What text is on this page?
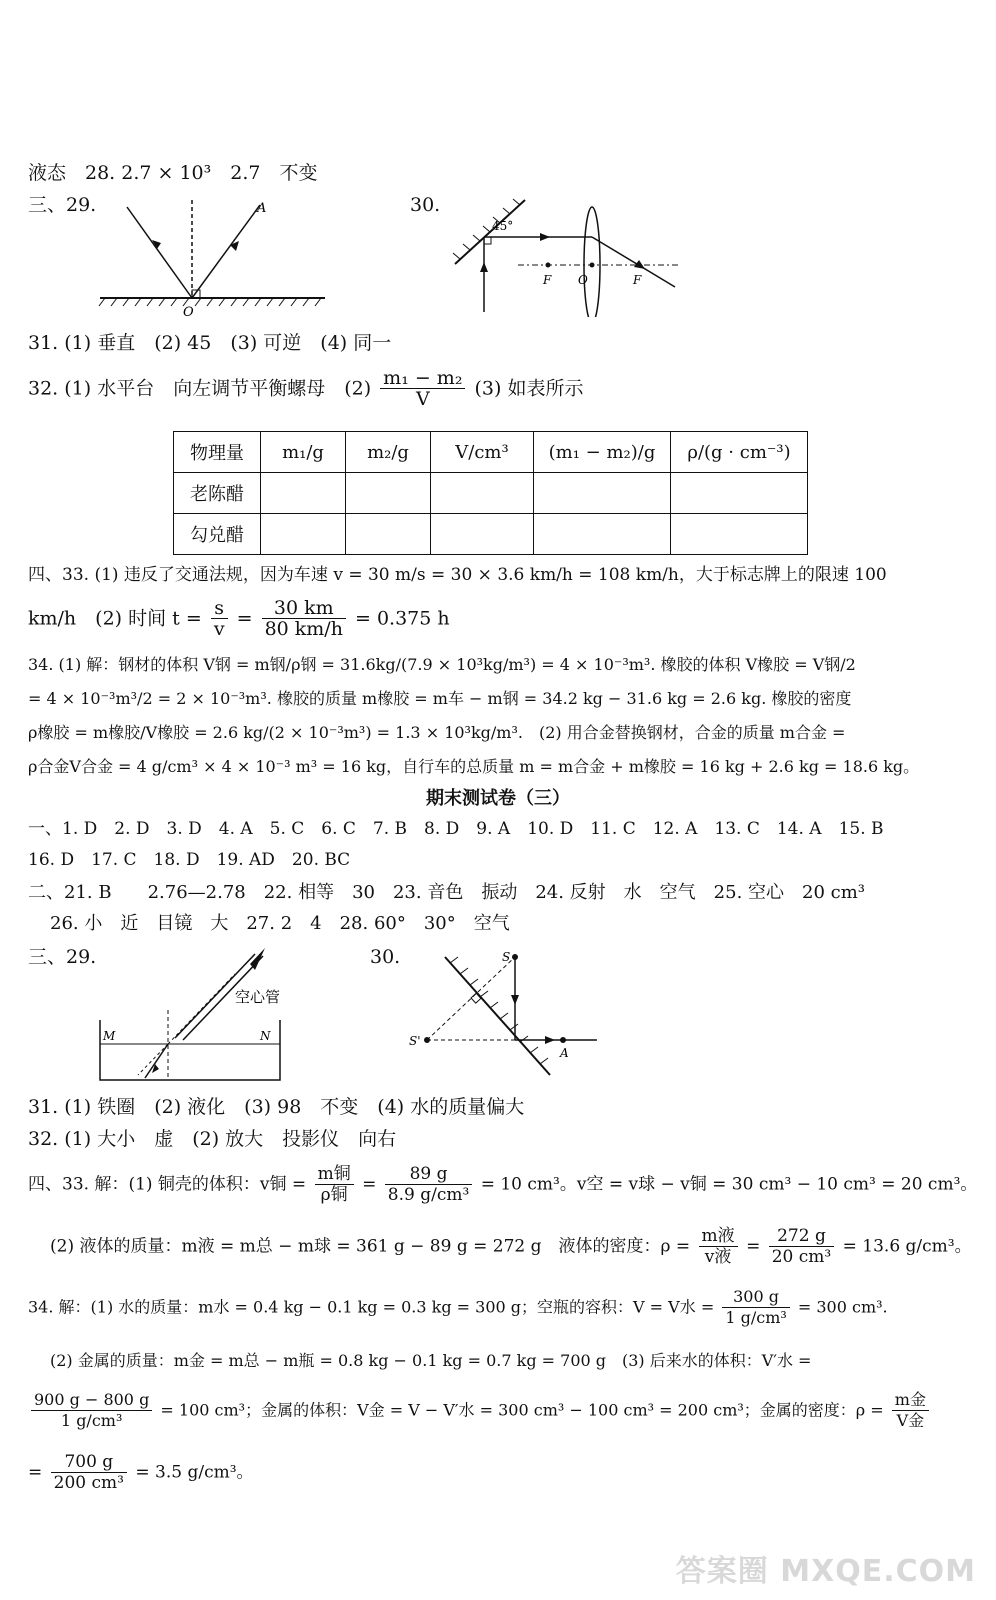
液态　28. 2.7 × 10³　2.7　不变
三、29.	30.
A
O
45°
F O	F
31. (1) 垂直　(2) 45　(3) 可逆　(4) 同一
32. (1) 水平台　向左调节平衡螺母　$(2) \frac{\text{m₁ − m₂}}{V} (3)$ 如表所示
物理量	m₁/g	m₂/g	V/cm³	(m₁ − m₂)/g	ρ/(g · cm⁻³)
老陈醋					
勾兑醋					
四、33. (1) 违反了交通法规，因为车速 v = 30 m/s = 30 × 3.6 km/h = 108 km/h，大于标志牌上的限速 100
km/h　(2) 时间 $t = \frac{s}{v} = \frac{30 km}{80 km/h} = 0.375$ h
34. (1) 解：钢材的体积 V钢 = m钢/ρ钢 = 31.6kg/(7.9 × 10³kg/m³) = 4 × 10⁻³m³. 橡胶的体积 V橡胶 = V钢/2
= 4 × 10⁻³m³/2 = 2 × 10⁻³m³. 橡胶的质量 m橡胶 = m车 − m钢 = 34.2 kg − 31.6 kg = 2.6 kg. 橡胶的密度
ρ橡胶 = m橡胶/V橡胶 = 2.6 kg/(2 × 10⁻³m³) = 1.3 × 10³kg/m³.　(2) 用合金替换钢材，合金的质量 m合金 =
ρ合金V合金 = 4 g/cm³ × 4 × 10⁻³ m³ = 16 kg，自行车的总质量 m = m合金 + m橡胶 = 16 kg + 2.6 kg = 18.6 kg。
期末测试卷（三）
一、1. D　2. D　3. D　4. A　5. C　6. C　7. B　8. D　9. A　10. D　11. C　12. A　13. C　14. A　15. B
16. D　17. C　18. D　19. AD　20. BC
二、21. B　　2.76—2.78　22. 相等　30　23. 音色　振动　24. 反射　水　空气　25. 空心　20 cm³
26. 小　近　目镜　大　27. 2　4　28. 60°　30°　空气
三、29.	30.
空心管
M	N
S
S'
A
31. (1) 铁圈　(2) 液化　(3) 98　不变　(4) 水的质量偏大
32. (1) 大小　虚　(2) 放大　投影仪　向右
四、33. 解：(1) 铜壳的体积：v铜 = $\frac{\text{m铜}}{\text{ρ铜}} = \frac{89 g}{\text{8.9 g/cm³}} = 10$ cm³。v空 = v球 − v铜 = 30 cm³ − 10 cm³ = 20 cm³。
(2) 液体的质量：m液 = m总 − m球 = 361 g − 89 g = 272 g　液体的密度：$\rho = \frac{\text{m液}}{\text{v液}} = \frac{272 g}{\text{20 cm³}} = 13.6$ g/cm³。
34. 解：(1) 水的质量：m水 = 0.4 kg − 0.1 kg = 0.3 kg = 300 g；空瓶的容积：V = V水 = $\frac{300 g}{\text{1 g/cm³}} = 300$ cm³.
(2) 金属的质量：m金 = m总 − m瓶 = 0.8 kg − 0.1 kg = 0.7 kg = 700 g　(3) 后来水的体积：V′水 =
$\frac{900 g - 800 g}{\text{1 g/cm³}} = 100$ cm³；金属的体积：V金 = V − V′水 = 300 cm³ − 100 cm³ = 200 cm³；金属的密度：$\rho = \frac{\text{m金}}{\text{V金}}$
= $\frac{700 g}{\text{200 cm³}} = 3.5$ g/cm³。
答案圈 MXQE.COM
